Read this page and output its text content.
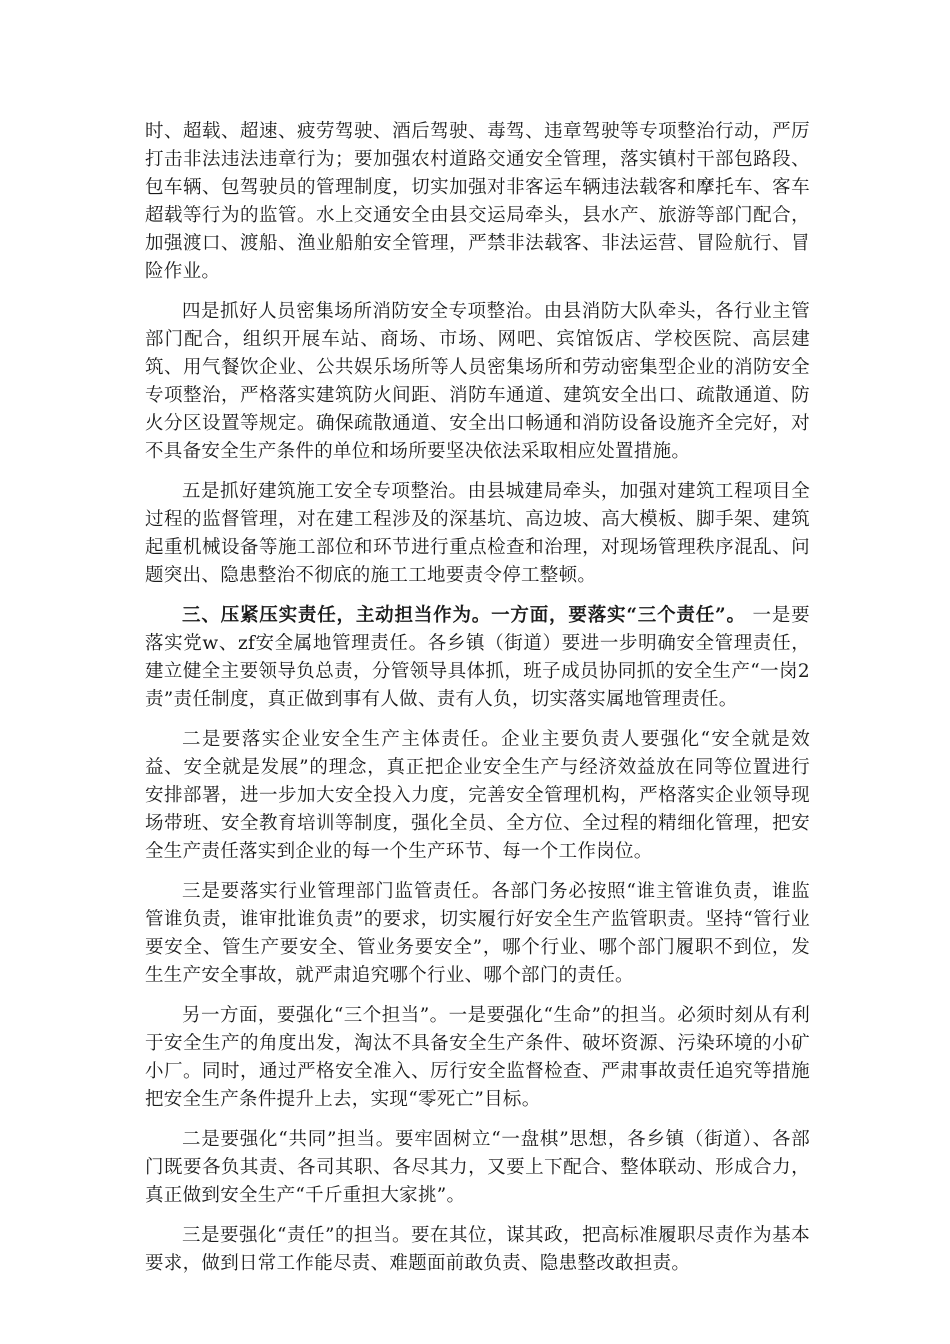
时、超载、超速、疲劳驾驶、酒后驾驶、毒驾、违章驾驶等专项整治行动，严厉打击非法违法违章行为；要加强农村道路交通安全管理，落实镇村干部包路段、包车辆、包驾驶员的管理制度，切实加强对非客运车辆违法载客和摩托车、客车超载等行为的监管。水上交通安全由县交运局牵头，县水产、旅游等部门配合，加强渡口、渡船、渔业船舶安全管理，严禁非法载客、非法运营、冒险航行、冒险作业。

四是抓好人员密集场所消防安全专项整治。由县消防大队牵头，各行业主管部门配合，组织开展车站、商场、市场、网吧、宾馆饭店、学校医院、高层建筑、用气餐饮企业、公共娱乐场所等人员密集场所和劳动密集型企业的消防安全专项整治，严格落实建筑防火间距、消防车通道、建筑安全出口、疏散通道、防火分区设置等规定。确保疏散通道、安全出口畅通和消防设备设施齐全完好，对不具备安全生产条件的单位和场所要坚决依法采取相应处置措施。

五是抓好建筑施工安全专项整治。由县城建局牵头，加强对建筑工程项目全过程的监督管理，对在建工程涉及的深基坑、高边坡、高大模板、脚手架、建筑起重机械设备等施工部位和环节进行重点检查和治理，对现场管理秩序混乱、问题突出、隐患整治不彻底的施工工地要责令停工整顿。

三、压紧压实责任，主动担当作为。一方面，要落实“三个责任”。 一是要落实党w、zf安全属地管理责任。各乡镇（街道）要进一步明确安全管理责任，建立健全主要领导负总责，分管领导具体抓，班子成员协同抓的安全生产“一岗2责”责任制度，真正做到事有人做、责有人负，切实落实属地管理责任。

二是要落实企业安全生产主体责任。企业主要负责人要强化“安全就是效益、安全就是发展”的理念，真正把企业安全生产与经济效益放在同等位置进行安排部署，进一步加大安全投入力度，完善安全管理机构，严格落实企业领导现场带班、安全教育培训等制度，强化全员、全方位、全过程的精细化管理，把安全生产责任落实到企业的每一个生产环节、每一个工作岗位。

三是要落实行业管理部门监管责任。各部门务必按照“谁主管谁负责，谁监管谁负责，谁审批谁负责”的要求，切实履行好安全生产监管职责。坚持“管行业要安全、管生产要安全、管业务要安全”，哪个行业、哪个部门履职不到位，发生生产安全事故，就严肃追究哪个行业、哪个部门的责任。

另一方面，要强化“三个担当”。一是要强化“生命”的担当。必须时刻从有利于安全生产的角度出发，淘汰不具备安全生产条件、破坏资源、污染环境的小矿小厂。同时，通过严格安全准入、厉行安全监督检查、严肃事故责任追究等措施把安全生产条件提升上去，实现“零死亡”目标。

二是要强化“共同”担当。要牢固树立“一盘棋”思想，各乡镇（街道）、各部门既要各负其责、各司其职、各尽其力，又要上下配合、整体联动、形成合力，真正做到安全生产“千斤重担大家挑”。

三是要强化“责任”的担当。要在其位，谋其政，把高标准履职尽责作为基本要求，做到日常工作能尽责、难题面前敢负责、隐患整改敢担责。
